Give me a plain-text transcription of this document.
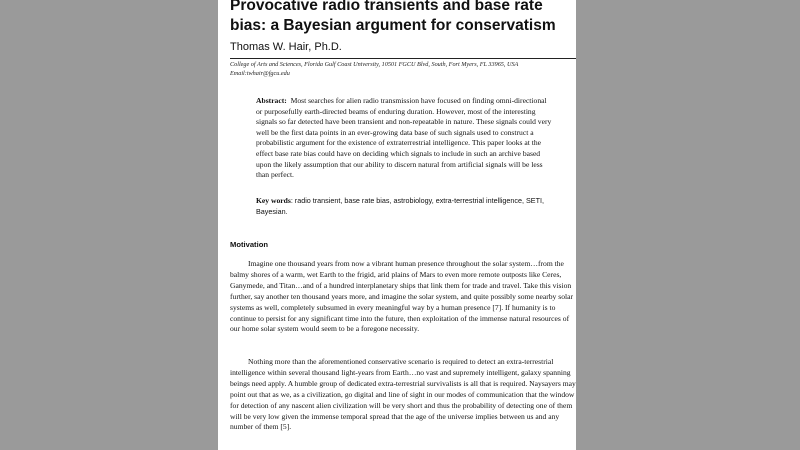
Provocative radio transients and base rate bias: a Bayesian argument for conservatism
Thomas W. Hair, Ph.D.
College of Arts and Sciences, Florida Gulf Coast University, 10501 FGCU Blvd, South, Fort Myers, FL 33965, USA
Email:twhair@fgcu.edu
Abstract: Most searches for alien radio transmission have focused on finding omni-directional or purposefully earth-directed beams of enduring duration. However, most of the interesting signals so far detected have been transient and non-repeatable in nature. These signals could very well be the first data points in an ever-growing data base of such signals used to construct a probabilistic argument for the existence of extraterrestrial intelligence. This paper looks at the effect base rate bias could have on deciding which signals to include in such an archive based upon the likely assumption that our ability to discern natural from artificial signals will be less than perfect.
Key words: radio transient, base rate bias, astrobiology, extra-terrestrial intelligence, SETI, Bayesian.
Motivation
Imagine one thousand years from now a vibrant human presence throughout the solar system…from the balmy shores of a warm, wet Earth to the frigid, arid plains of Mars to even more remote outposts like Ceres, Ganymede, and Titan…and of a hundred interplanetary ships that link them for trade and travel. Take this vision further, say another ten thousand years more, and imagine the solar system, and quite possibly some nearby solar systems as well, completely subsumed in every meaningful way by a human presence [7]. If humanity is to continue to persist for any significant time into the future, then exploitation of the immense natural resources of our home solar system would seem to be a foregone necessity.
Nothing more than the aforementioned conservative scenario is required to detect an extra-terrestrial intelligence within several thousand light-years from Earth…no vast and supremely intelligent, galaxy spanning beings need apply. A humble group of dedicated extra-terrestrial survivalists is all that is required. Naysayers may point out that as we, as a civilization, go digital and line of sight in our modes of communication that the window for detection of any nascent alien civilization will be very short and thus the probability of detecting one of them will be very low given the immense temporal spread that the age of the universe implies between us and any number of them [5].
